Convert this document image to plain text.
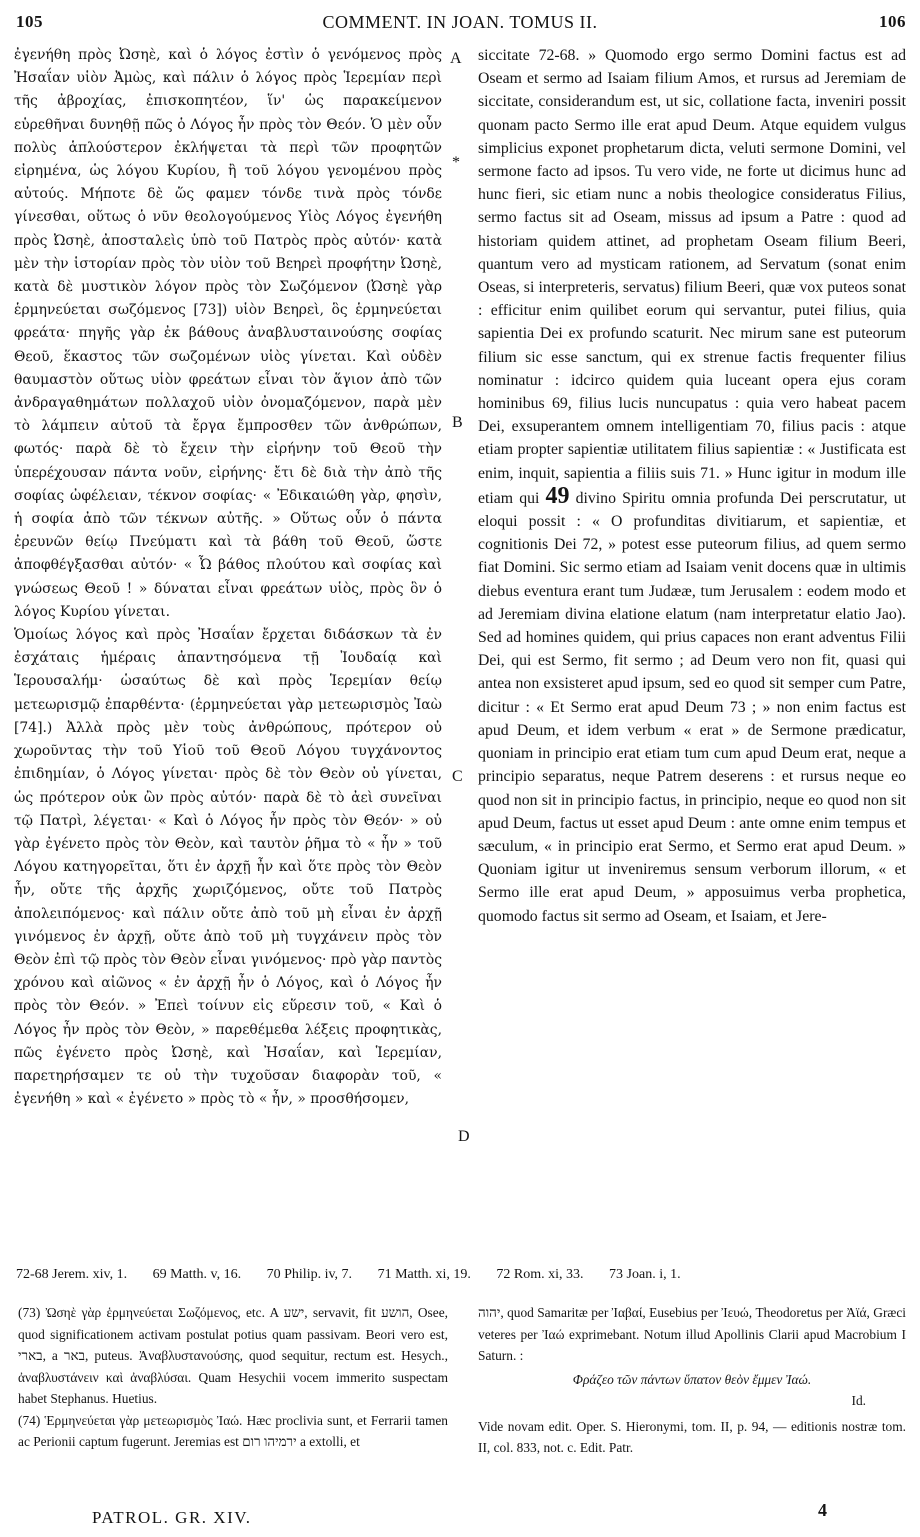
105	COMMENT. IN JOAN. TOMUS II.	106

ἐγενήθη πρὸς Ὠσηὲ, καὶ ὁ λόγος ἐστὶν ὁ γενόμενος πρὸς Ἠσαΐαν υἱὸν Ἀμὼς, καὶ πάλιν ὁ λόγος πρὸς Ἱερεμίαν περὶ τῆς ἀβροχίας, ἐπισκοπητέον, ἵν' ὡς παρακείμενον εὑρεθῆναι δυνηθῇ πῶς ὁ Λόγος ἦν πρὸς τὸν Θεόν. Ὁ μὲν οὖν πολὺς ἁπλούστερον ἐκλήψεται τὰ περὶ τῶν προφητῶν εἰρημένα, ὡς λόγου Κυρίου, ἢ τοῦ λόγου γενομένου πρὸς αὐτούς. Μήποτε δὲ ὥς φαμεν τόνδε τινὰ πρὸς τόνδε γίνεσθαι, οὕτως ὁ νῦν θεολογούμενος Υἱὸς Λόγος ἐγενήθη πρὸς Ὠσηὲ, ἀποσταλεὶς ὑπὸ τοῦ Πατρὸς πρὸς αὐτόν· κατὰ μὲν τὴν ἱστορίαν πρὸς τὸν υἱὸν τοῦ Βεηρεὶ προφήτην Ὠσηὲ, κατὰ δὲ μυστικὸν λόγον πρὸς τὸν Σωζόμενον (Ὠσηὲ γὰρ ἑρμηνεύεται σωζόμενος [73]) υἱὸν Βεηρεὶ, ὃς ἑρμηνεύεται φρεάτα· πηγῆς γὰρ ἐκ βάθους ἀναβλυσταινούσης σοφίας Θεοῦ, ἕκαστος τῶν σωζομένων υἱὸς γίνεται. Καὶ οὐδὲν θαυμαστὸν οὕτως υἱὸν φρεάτων εἶναι τὸν ἅγιον ἀπὸ τῶν ἀνδραγαθημάτων πολλαχοῦ υἱὸν ὀνομαζόμενον, παρὰ μὲν τὸ λάμπειν αὐτοῦ τὰ ἔργα ἔμπροσθεν τῶν ἀνθρώπων, φωτός· παρὰ δὲ τὸ ἔχειν τὴν εἰρήνην τοῦ Θεοῦ τὴν ὑπερέχουσαν πάντα νοῦν, εἰρήνης· ἔτι δὲ διὰ τὴν ἀπὸ τῆς σοφίας ὠφέλειαν, τέκνον σοφίας· « Ἐδικαιώθη γὰρ, φησὶν, ἡ σοφία ἀπὸ τῶν τέκνων αὐτῆς. » Οὕτως οὖν ὁ πάντα ἐρευνῶν θείῳ Πνεύματι καὶ τὰ βάθη τοῦ Θεοῦ, ὥστε ἀποφθέγξασθαι αὐτόν· « Ὦ βάθος πλούτου καὶ σοφίας καὶ γνώσεως Θεοῦ ! » δύναται εἶναι φρεάτων υἱὸς, πρὸς ὃν ὁ λόγος Κυρίου γίνεται.

Ὁμοίως λόγος καὶ πρὸς Ἠσαΐαν ἔρχεται διδάσκων τὰ ἐν ἐσχάταις ἡμέραις ἀπαντησόμενα τῇ Ἰουδαίᾳ καὶ Ἱερουσαλήμ· ὡσαύτως δὲ καὶ πρὸς Ἱερεμίαν θείῳ μετεωρισμῷ ἐπαρθέντα· (ἑρμηνεύεται γὰρ μετεωρισμὸς Ἰαὼ [74].) Ἀλλὰ πρὸς μὲν τοὺς ἀνθρώπους, πρότερον οὐ χωροῦντας τὴν τοῦ Υἱοῦ τοῦ Θεοῦ Λόγου τυγχάνοντος ἐπιδημίαν, ὁ Λόγος γίνεται· πρὸς δὲ τὸν Θεὸν οὐ γίνεται, ὡς πρότερον οὐκ ὢν πρὸς αὐτόν· παρὰ δὲ τὸ ἀεὶ συνεῖναι τῷ Πατρὶ, λέγεται· « Καὶ ὁ Λόγος ἦν πρὸς τὸν Θεόν· » οὐ γὰρ ἐγένετο πρὸς τὸν Θεὸν, καὶ ταυτὸν ῥῆμα τὸ « ἦν » τοῦ Λόγου κατηγορεῖται, ὅτι ἐν ἀρχῇ ἦν καὶ ὅτε πρὸς τὸν Θεὸν ἦν, οὔτε τῆς ἀρχῆς χωριζόμενος, οὔτε τοῦ Πατρὸς ἀπολειπόμενος· καὶ πάλιν οὔτε ἀπὸ τοῦ μὴ εἶναι ἐν ἀρχῇ γινόμενος ἐν ἀρχῇ, οὔτε ἀπὸ τοῦ μὴ τυγχάνειν πρὸς τὸν Θεὸν ἐπὶ τῷ πρὸς τὸν Θεὸν εἶναι γινόμενος· πρὸ γὰρ παντὸς χρόνου καὶ αἰῶνος « ἐν ἀρχῇ ἦν ὁ Λόγος, καὶ ὁ Λόγος ἦν πρὸς τὸν Θεόν. » Ἐπεὶ τοίνυν εἰς εὕρεσιν τοῦ, « Καὶ ὁ Λόγος ἦν πρὸς τὸν Θεὸν, » παρεθέμεθα λέξεις προφητικὰς, πῶς ἐγένετο πρὸς Ὠσηὲ, καὶ Ἠσαΐαν, καὶ Ἱερεμίαν, παρετηρήσαμεν τε οὐ τὴν τυχοῦσαν διαφορὰν τοῦ, « ἐγενήθη » καὶ « ἐγένετο » πρὸς τὸ « ἦν, » προσθήσομεν,

A
*
B
C
D

siccitate 72-68. » Quomodo ergo sermo Domini factus est ad Oseam et sermo ad Isaiam filium Amos, et rursus ad Jeremiam de siccitate, considerandum est, ut sic, collatione facta, inveniri possit quonam pacto Sermo ille erat apud Deum. Atque equidem vulgus simplicius exponet prophetarum dicta, veluti sermone Domini, vel sermone facto ad ipsos. Tu vero vide, ne forte ut dicimus hunc ad hunc fieri, sic etiam nunc a nobis theologice consideratus Filius, sermo factus sit ad Oseam, missus ad ipsum a Patre : quod ad historiam quidem attinet, ad prophetam Oseam filium Beeri, quantum vero ad mysticam rationem, ad Servatum (sonat enim Oseas, si interpreteris, servatus) filium Beeri, quæ vox puteos sonat : efficitur enim quilibet eorum qui servantur, putei filius, quia sapientia Dei ex profundo scaturit. Nec mirum sane est puteorum filium sic esse sanctum, qui ex strenue factis frequenter filius nominatur : idcirco quidem quia luceant opera ejus coram hominibus 69, filius lucis nuncupatus : quia vero habeat pacem Dei, exsuperantem omnem intelligentiam 70, filius pacis : atque etiam propter sapientiæ utilitatem filius sapientiæ : « Justificata est enim, inquit, sapientia a filiis suis 71. » Hunc igitur in modum ille etiam qui 49 divino Spiritu omnia profunda Dei perscrutatur, ut eloqui possit : « O profunditas divitiarum, et sapientiæ, et cognitionis Dei 72, » potest esse puteorum filius, ad quem sermo fiat Domini. Sic sermo etiam ad Isaiam venit docens quæ in ultimis diebus eventura erant tum Judææ, tum Jerusalem : eodem modo et ad Jeremiam divina elatione elatum (nam interpretatur elatio Jao). Sed ad homines quidem, qui prius capaces non erant adventus Filii Dei, qui est Sermo, fit sermo ; ad Deum vero non fit, quasi qui antea non exsisteret apud ipsum, sed eo quod sit semper cum Patre, dicitur : « Et Sermo erat apud Deum 73 ; » non enim factus est apud Deum, et idem verbum « erat » de Sermone prædicatur, quoniam in principio erat etiam tum cum apud Deum erat, neque a principio separatus, neque Patrem deserens : et rursus neque eo quod non sit in principio factus, in principio, neque eo quod non sit apud Deum, factus ut esset apud Deum : ante omne enim tempus et sæculum, « in principio erat Sermo, et Sermo erat apud Deum. » Quoniam igitur ut inveniremus sensum verborum illorum, « et Sermo ille erat apud Deum, » apposuimus verba prophetica, quomodo factus sit sermo ad Oseam, et Isaiam, et Jere-

72-68 Jerem. xiv, 1. 69 Matth. v, 16. 70 Philip. iv, 7. 71 Matth. xi, 19. 72 Rom. xi, 33. 73 Joan. i, 1.

(73) Ὠσηὲ γὰρ ἑρμηνεύεται Σωζόμενος, etc. A ישע, servavit, fit הושע, Osee, quod significationem activam postulat potius quam passivam. Beori vero est, בארי, a באר, puteus. Ἀναβλυστανούσης, quod sequitur, rectum est. Hesych., ἀναβλυστάνειν καὶ ἀναβλύσαι. Quam Hesychii vocem immerito suspectam habet Stephanus. Huetius.

(74) Ἑρμηνεύεται γὰρ μετεωρισμὸς Ἰαώ. Hæc proclivia sunt, et Ferrarii tamen ac Perionii captum fugerunt. Jeremias est ירמיהו רום a extolli, et

יהוה, quod Samaritæ per Ἰαβαί, Eusebius per Ἰευώ, Theodoretus per Ἀϊά, Græci veteres per Ἰαώ exprimebant. Notum illud Apollinis Clarii apud Macrobium I Saturn. :

Φράζεο τῶν πάντων ὕπατον θεὸν ἔμμεν Ἰαώ.

Id.

Vide novam edit. Oper. S. Hieronymi, tom. II, p. 94, — editionis nostræ tom. II, col. 833, not. c. Edit. Patr.

PATROL. GR. XIV.	4
